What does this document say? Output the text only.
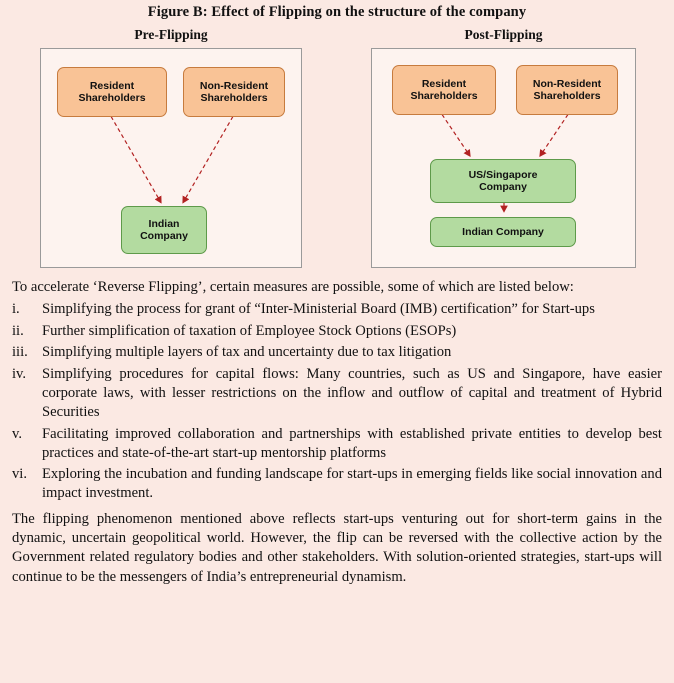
Figure B: Effect of Flipping on the structure of the company
Pre-Flipping
Resident
Shareholders
Non-Resident
Shareholders
Indian
Company
Post-Flipping
Resident
Shareholders
Non-Resident
Shareholders
US/Singapore
Company
Indian Company

To accelerate ‘Reverse Flipping’, certain measures are possible, some of which are listed below:

i.	Simplifying the process for grant of “Inter-Ministerial Board (IMB) certification” for Start-ups
ii.	Further simplification of taxation of Employee Stock Options (ESOPs)
iii. Simplifying multiple layers of tax and uncertainty due to tax litigation
iv.	Simplifying procedures for capital flows: Many countries, such as US and Singapore, have easier corporate laws, with lesser restrictions on the inflow and outflow of capital and treatment of Hybrid Securities
v.	Facilitating improved collaboration and partnerships with established private entities to develop best practices and state-of-the-art start-up mentorship platforms
vi.	Exploring the incubation and funding landscape for start-ups in emerging fields like social innovation and impact investment.

The flipping phenomenon mentioned above reflects start-ups venturing out for short-term gains in the dynamic, uncertain geopolitical world. However, the flip can be reversed with the collective action by the Government related regulatory bodies and other stakeholders. With solution-oriented strategies, start-ups will continue to be the messengers of India’s entrepreneurial dynamism.
